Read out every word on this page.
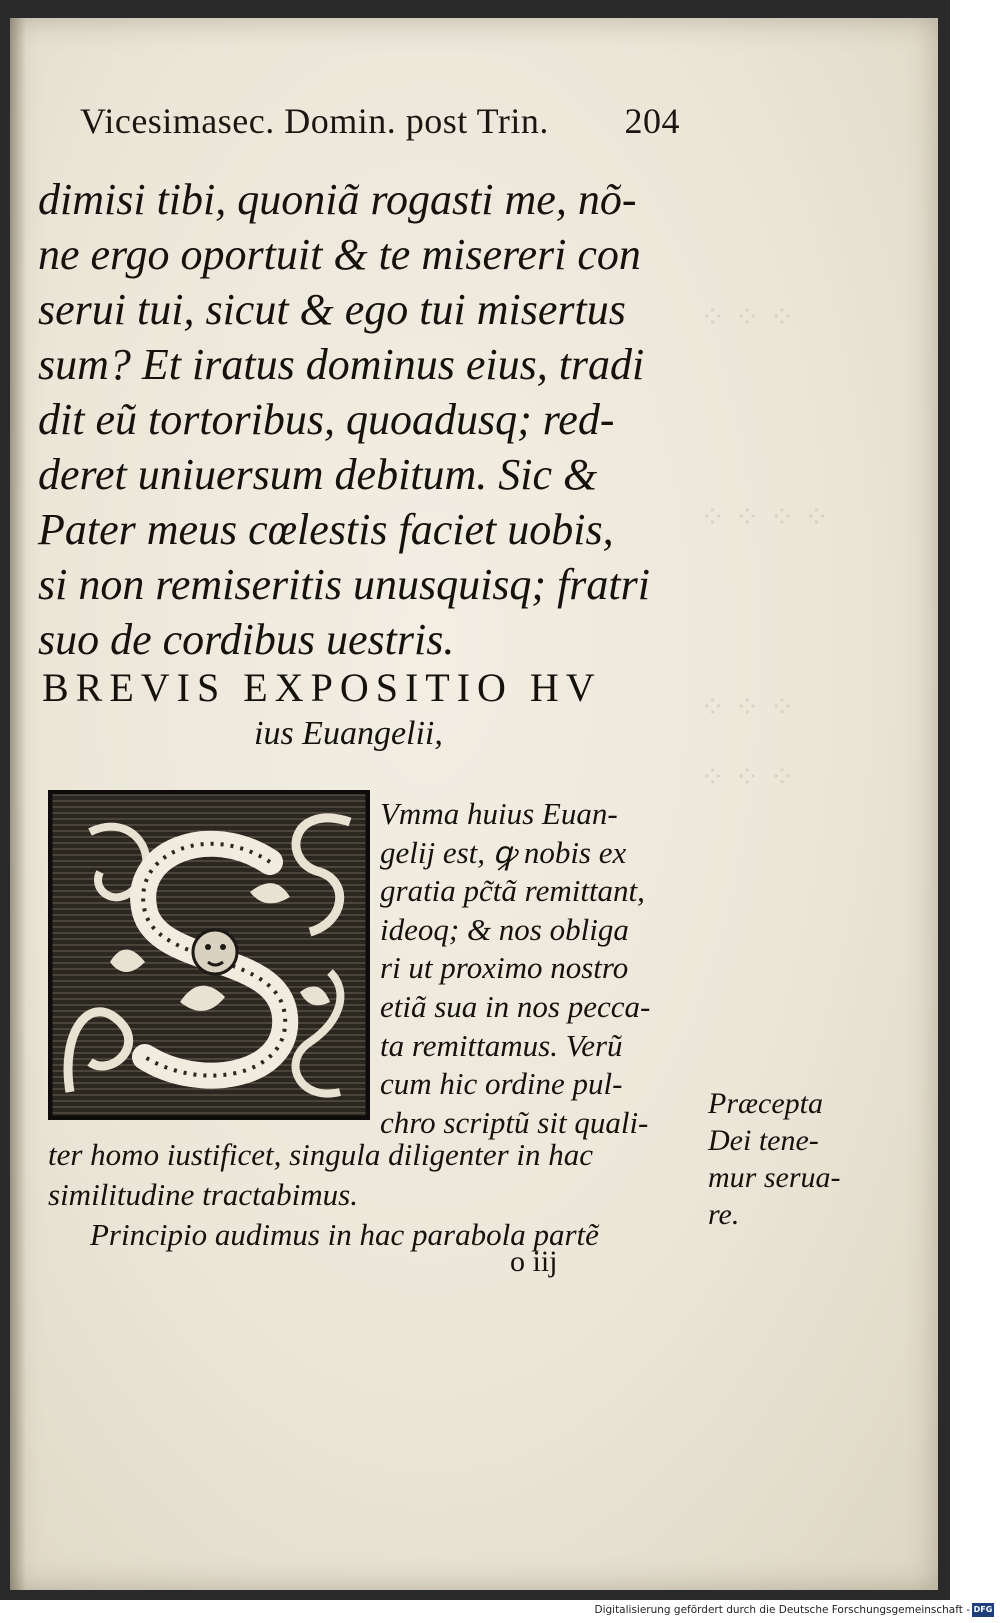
Vicesimasec. Domin. post Trin. 204
dimisi tibi, quoniã rogasti me, nõ-
ne ergo oportuit & te misereri con
serui tui, sicut & ego tui misertus
sum? Et iratus dominus eius, tradi
dit eũ tortoribus, quoadusq; red-
deret uniuersum debitum. Sic &
Pater meus cœlestis faciet uobis,
si non remiseritis unusquisq; fratri
suo de cordibus uestris.
BREVIS EXPOSITIO HV
ius Euangelii,
Vmma huius Euan-
gelij est, ꝙ nobis ex
gratia pc̃tã remittant,
ideoq; & nos obliga
ri ut proximo nostro
etiã sua in nos pecca-
ta remittamus. Verũ
cum hic ordine pul-
chro scriptũ sit quali-
ter homo iustificet, singula diligenter in hac
similitudine tractabimus.
Principio audimus in hac parabola partẽ
Præcepta
Dei tene-
mur serua-
re.
o iij
Digitalisierung gefördert durch die Deutsche Forschungsgemeinschaft - DFG
